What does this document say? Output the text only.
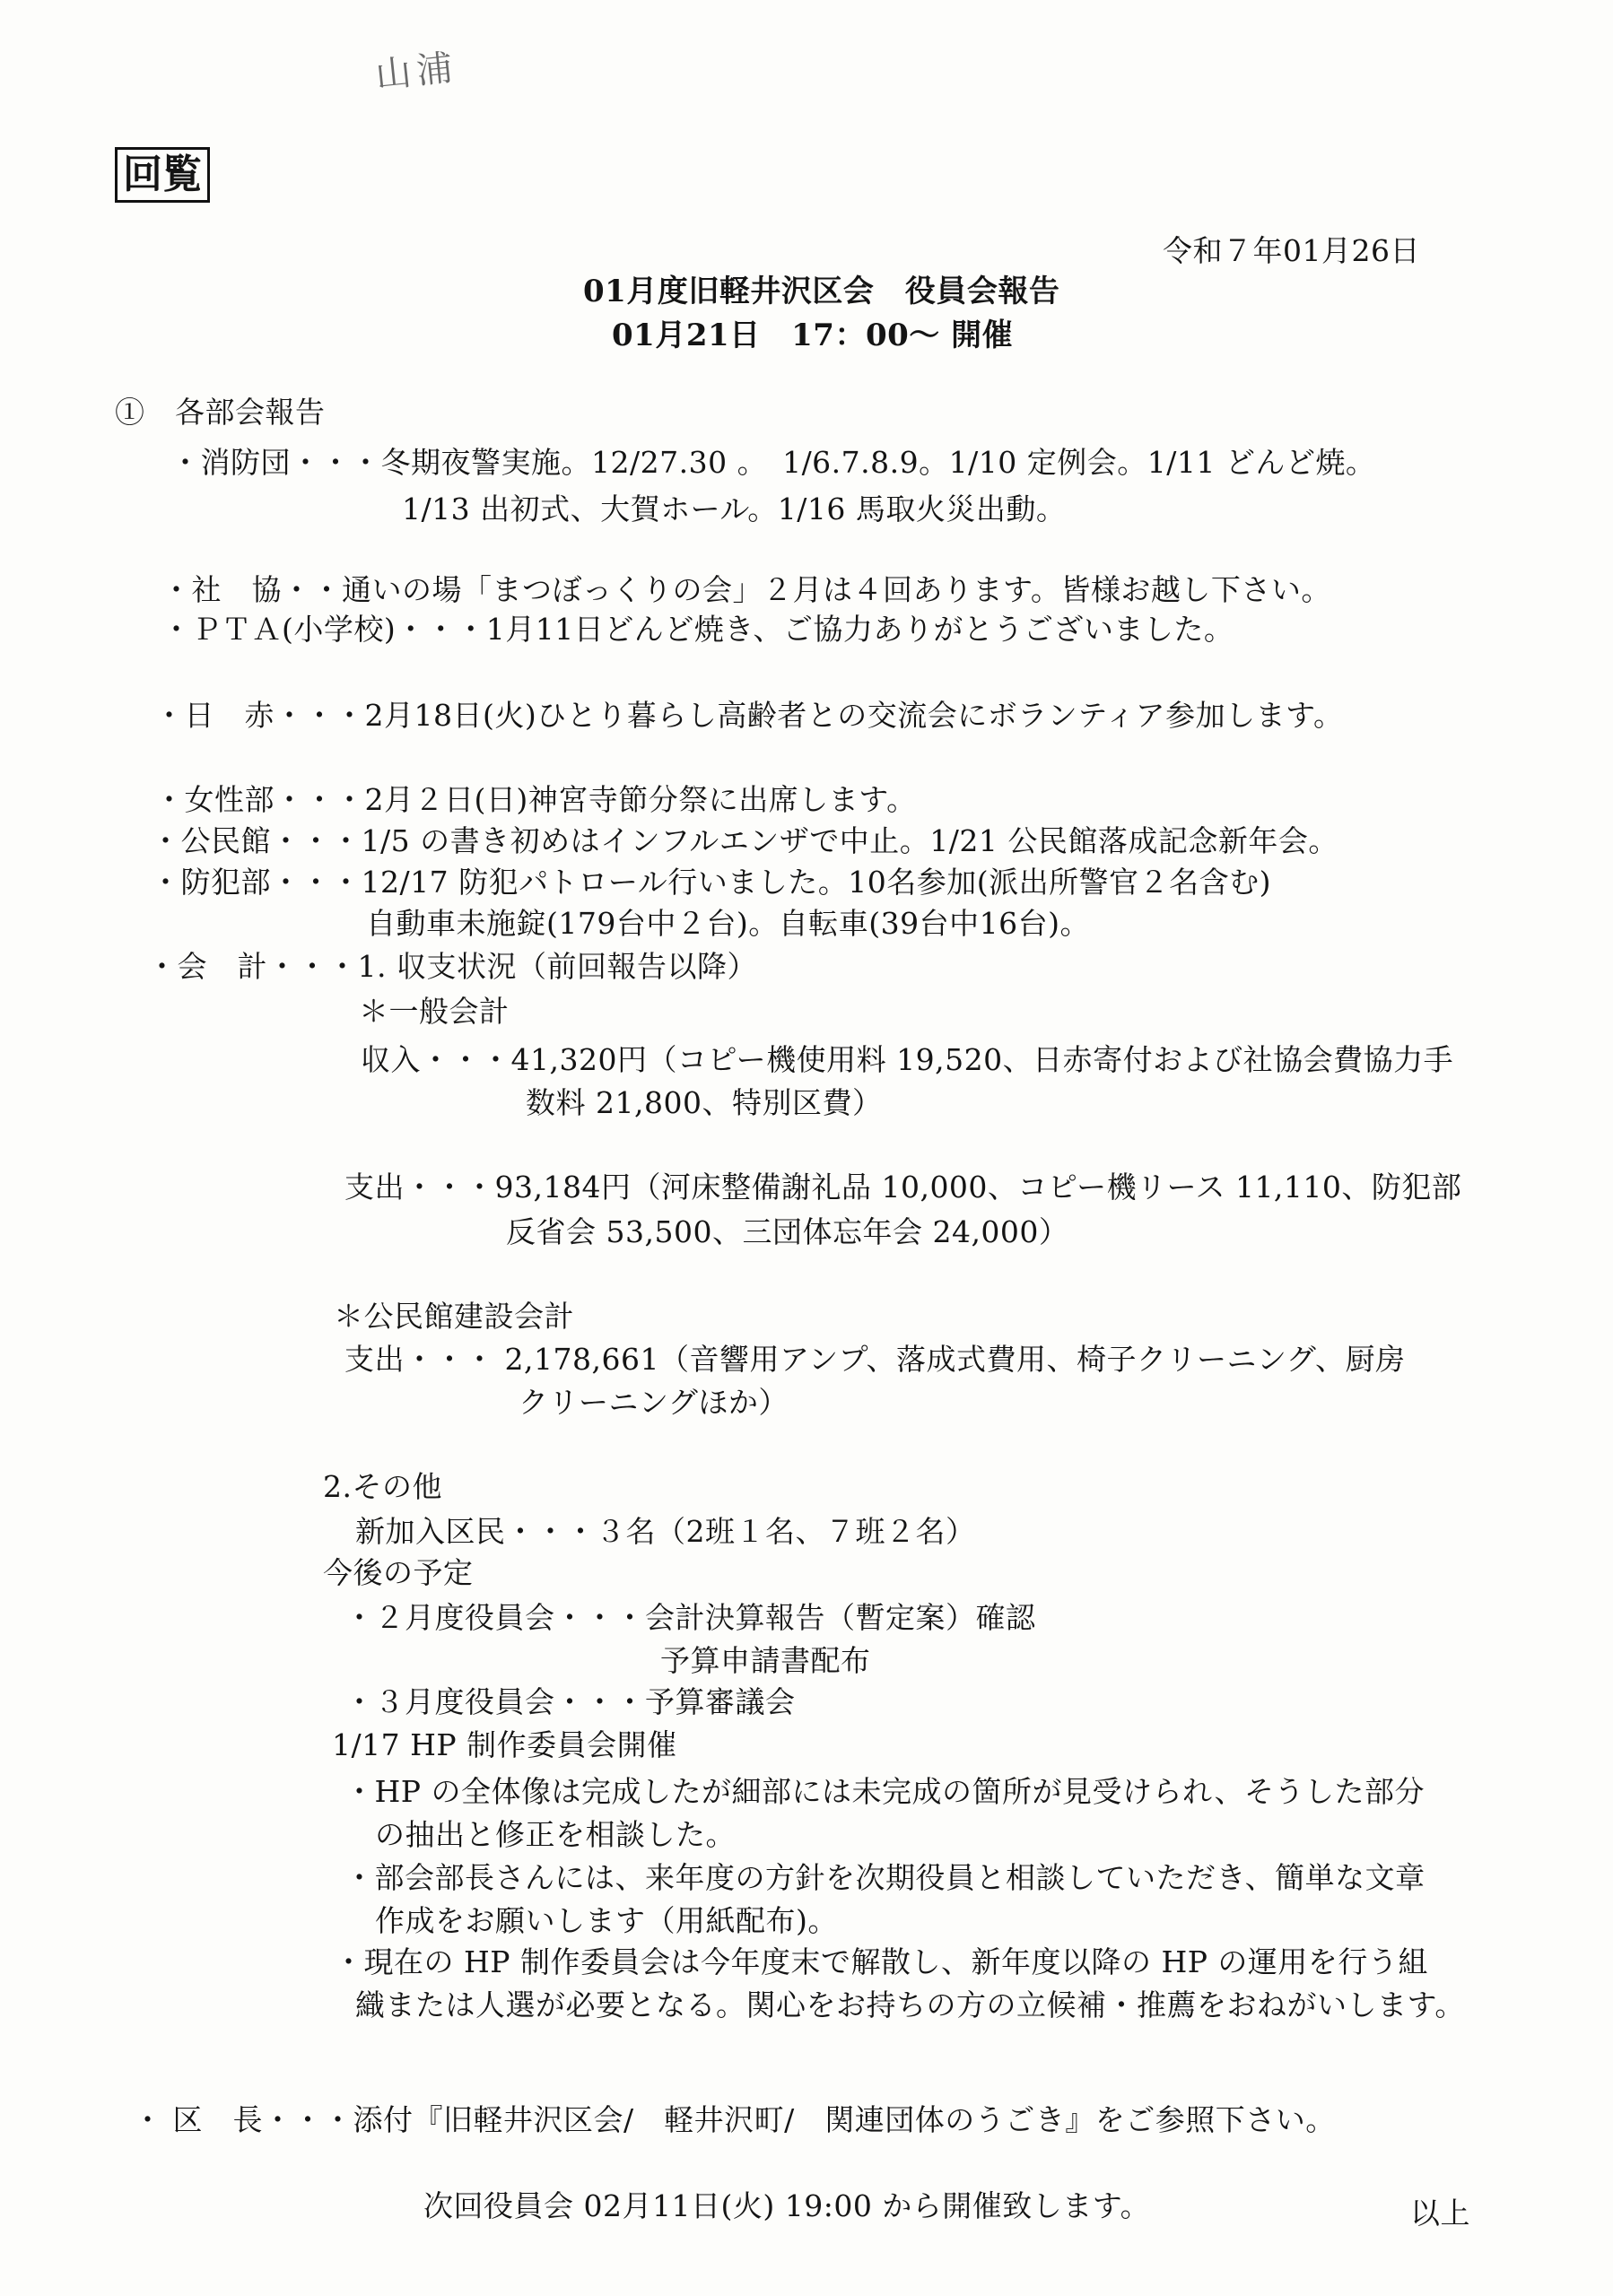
山浦
回覧
令和７年01月26日
01月度旧軽井沢区会　役員会報告
01月21日　17：00～ 開催
①　各部会報告
・消防団・・・冬期夜警実施。12/27.30 。　1/6.7.8.9。1/10 定例会。1/11 どんど焼。
1/13 出初式、大賀ホール。1/16 馬取火災出動。
・社　協・・通いの場「まつぼっくりの会」２月は４回あります。皆様お越し下さい。
・ＰＴＡ(小学校)・・・1月11日どんど焼き、ご協力ありがとうございました。
・日　赤・・・2月18日(火)ひとり暮らし高齢者との交流会にボランティア参加します。
・女性部・・・2月２日(日)神宮寺節分祭に出席します。
・公民館・・・1/5 の書き初めはインフルエンザで中止。1/21 公民館落成記念新年会。
・防犯部・・・12/17 防犯パトロール行いました。10名参加(派出所警官２名含む)
自動車未施錠(179台中２台)。自転車(39台中16台)。
・会　計・・・1. 収支状況（前回報告以降）
＊一般会計
収入・・・41,320円（コピー機使用料 19,520、日赤寄付および社協会費協力手
数料 21,800、特別区費）
支出・・・93,184円（河床整備謝礼品 10,000、コピー機リース 11,110、防犯部
反省会 53,500、三団体忘年会 24,000）
＊公民館建設会計
支出・・・ 2,178,661（音響用アンプ、落成式費用、椅子クリーニング、厨房
クリーニングほか）
2.その他
新加入区民・・・３名（2班１名、７班２名）
今後の予定
・２月度役員会・・・会計決算報告（暫定案）確認
予算申請書配布
・３月度役員会・・・予算審議会
1/17 HP 制作委員会開催
・HP の全体像は完成したが細部には未完成の箇所が見受けられ、そうした部分
の抽出と修正を相談した。
・部会部長さんには、来年度の方針を次期役員と相談していただき、簡単な文章
作成をお願いします（用紙配布)。
・現在の HP 制作委員会は今年度末で解散し、新年度以降の HP の運用を行う組
織または人選が必要となる。関心をお持ちの方の立候補・推薦をおねがいします。
・ 区　長・・・添付『旧軽井沢区会/　軽井沢町/　関連団体のうごき』をご参照下さい。
次回役員会 02月11日(火) 19:00 から開催致します。	以上
